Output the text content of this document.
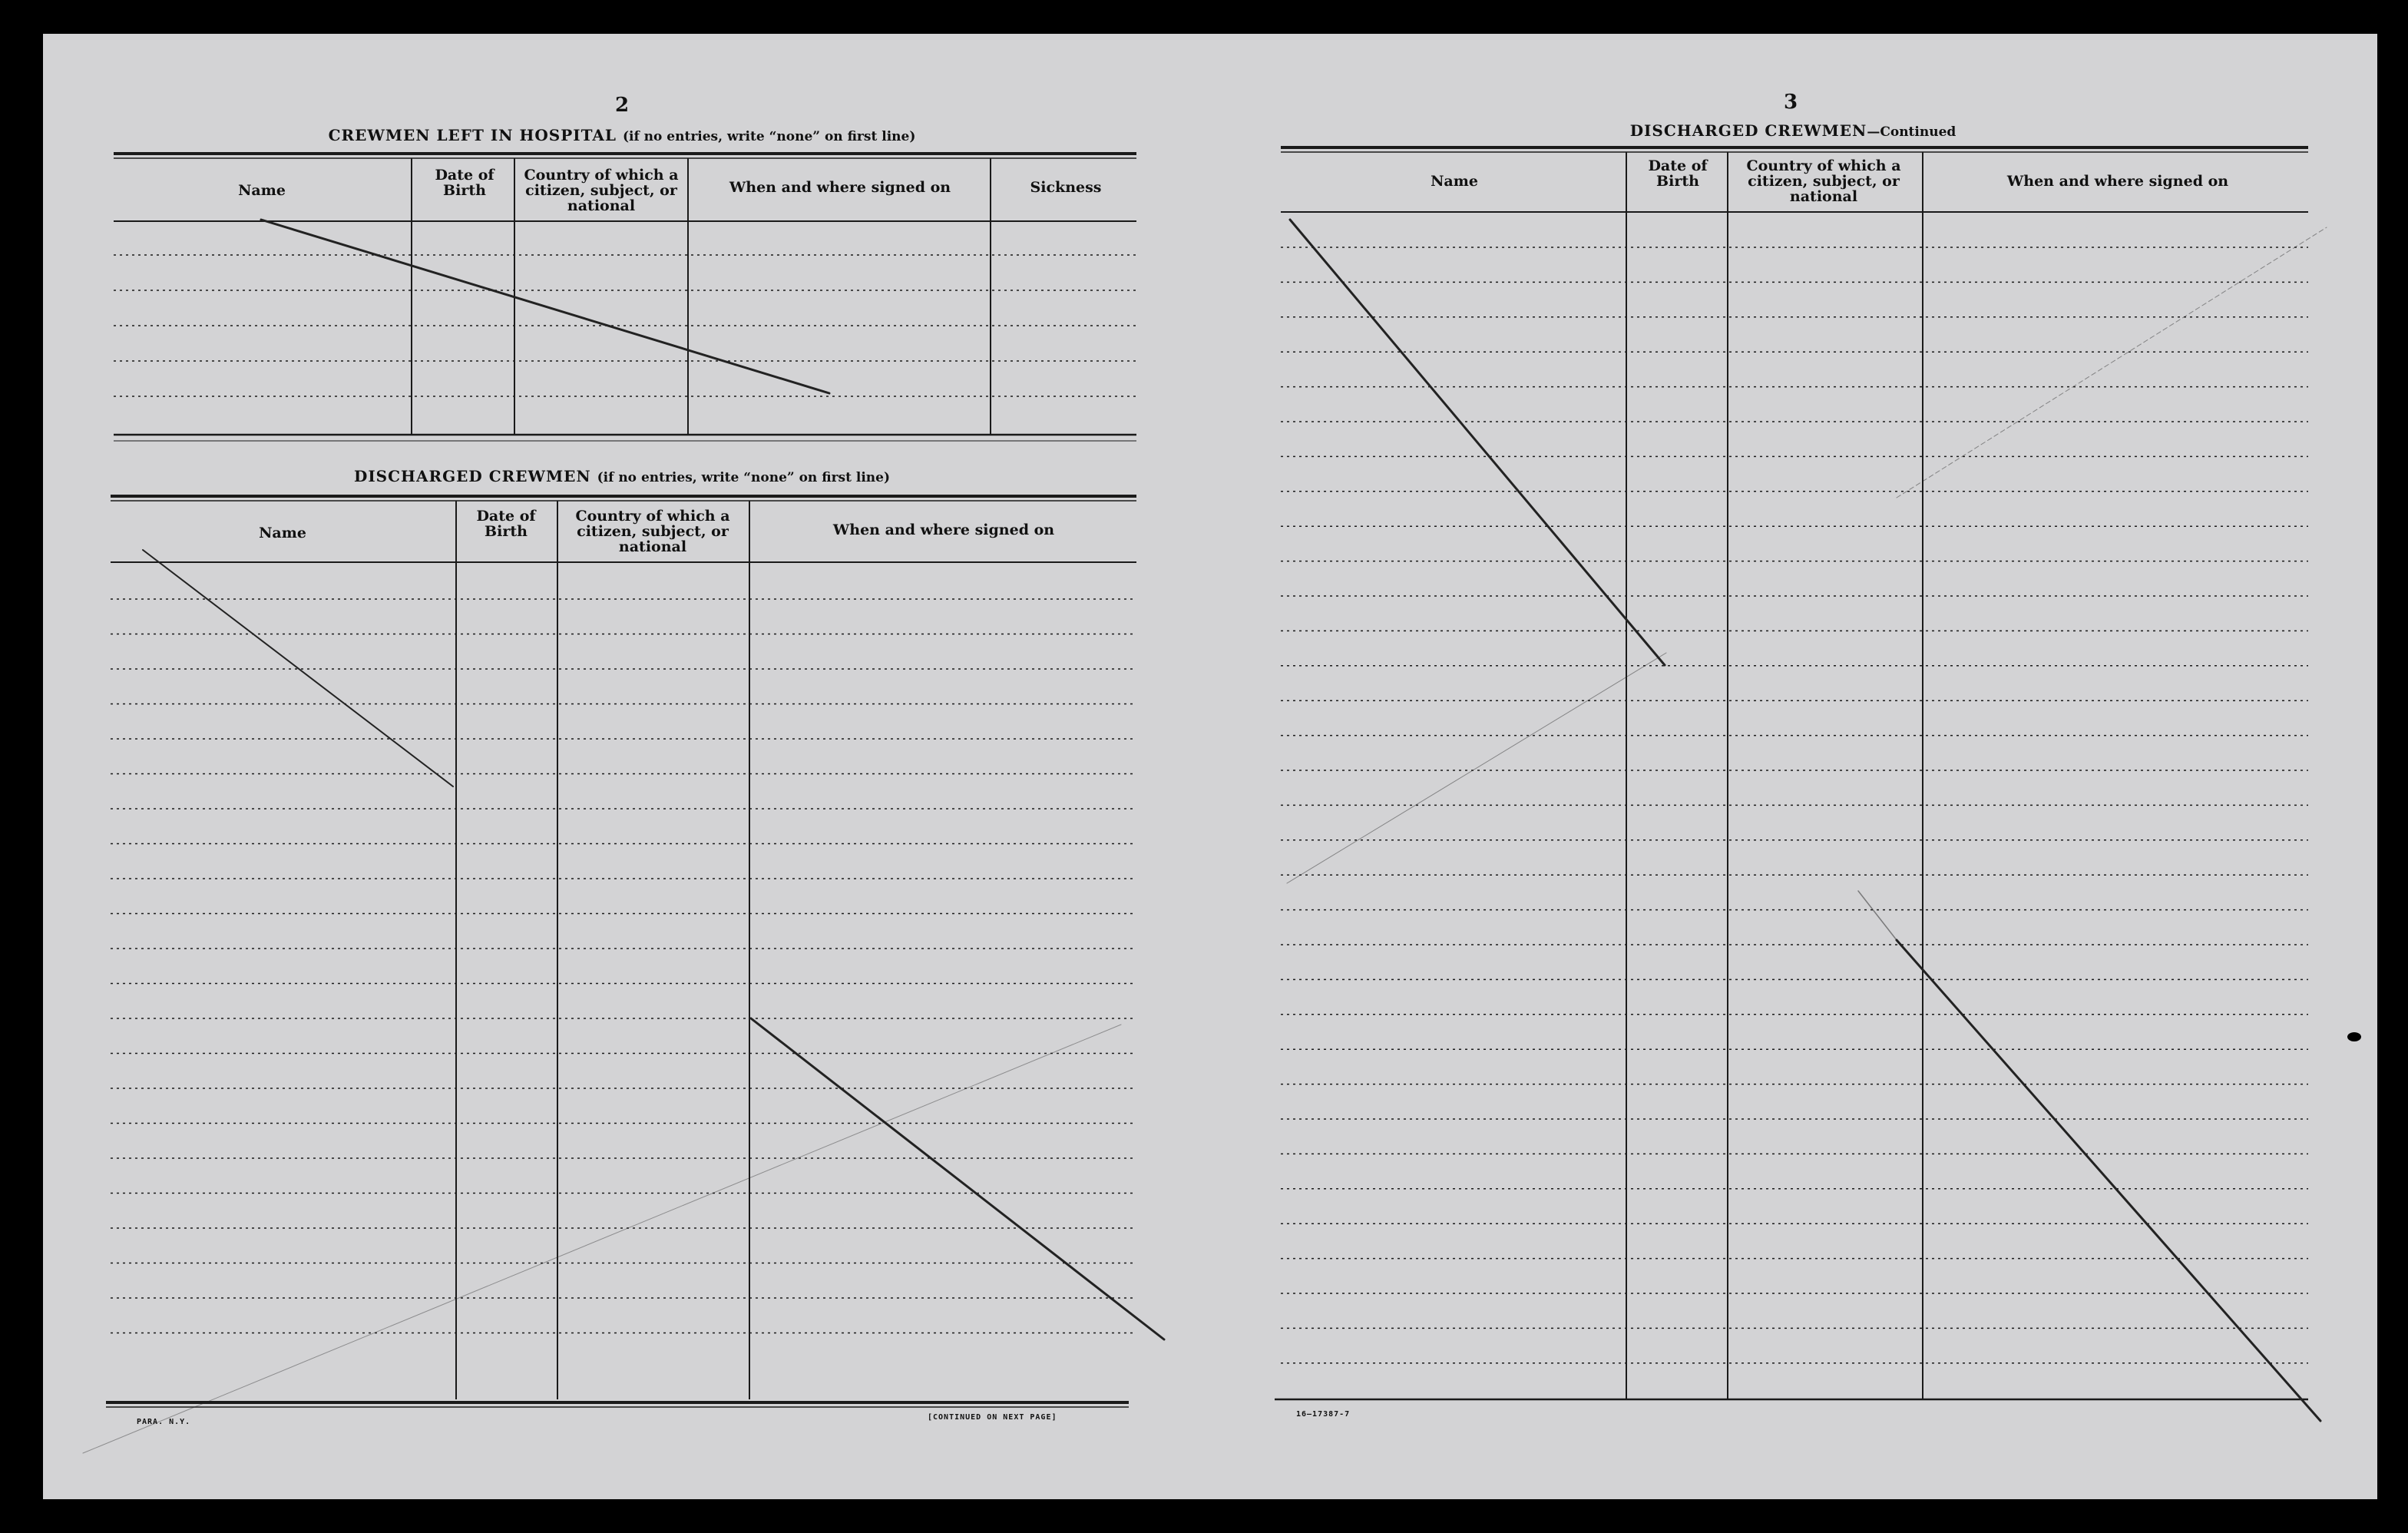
2
CREWMEN LEFT IN HOSPITAL (if no entries, write “none” on first line)
Name
Date of Birth
Country of which a citizen, subject, or national
When and where signed on	Sickness
DISCHARGED CREWMEN (if no entries, write “none” on first line)
Name
Date of Birth
Country of which a citizen, subject, or national
When and where signed on
PARA. N.Y.
[CONTINUED ON NEXT PAGE]
3
DISCHARGED CREWMEN—Continued
Name
Date of Birth
Country of which a citizen, subject, or national
When and where signed on
16—17387-7
